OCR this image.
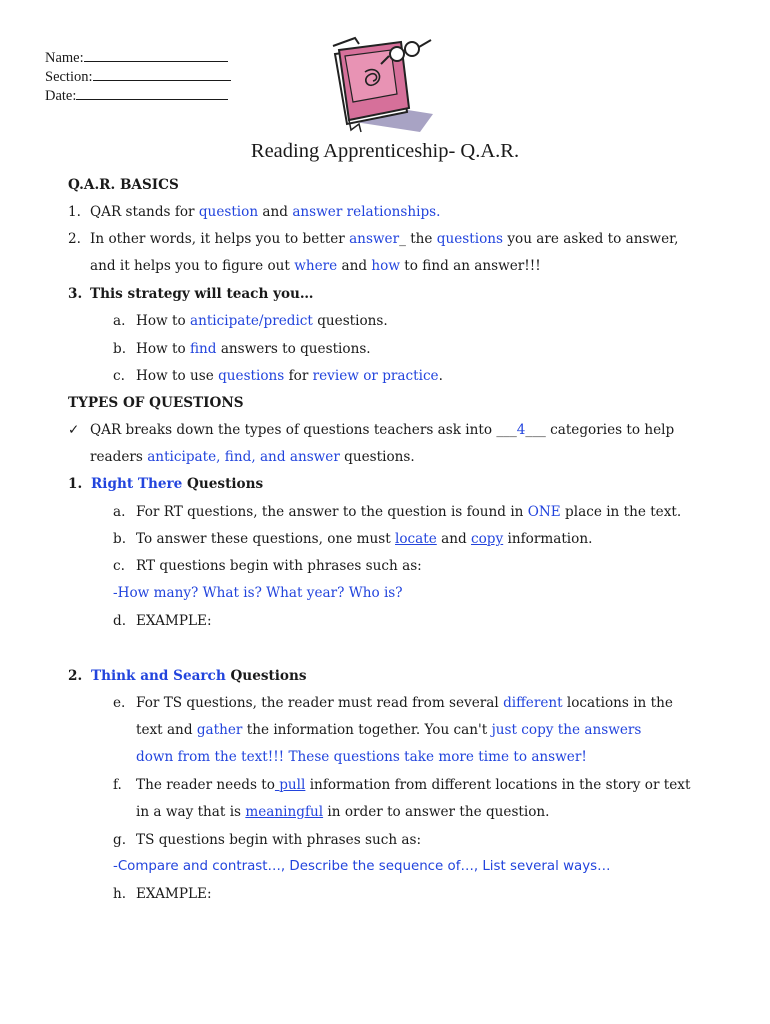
Name:
Section:
Date:
Reading Apprenticeship- Q.A.R.
Q.A.R. BASICS
1. QAR stands for question and answer relationships.
2. In other words, it helps you to better answer_ the questions you are asked to answer,
and it helps you to figure out where and how to find an answer!!!
3. This strategy will teach you…
a. How to anticipate/predict questions.
b. How to find answers to questions.
c. How to use questions for review or practice.
TYPES OF QUESTIONS
✓ QAR breaks down the types of questions teachers ask into ___4___ categories to help
readers anticipate, find, and answer questions.
1. Right There Questions
a. For RT questions, the answer to the question is found in ONE place in the text.
b. To answer these questions, one must locate and copy information.
c. RT questions begin with phrases such as:
-How many? What is? What year? Who is?
d. EXAMPLE:
2. Think and Search Questions
e. For TS questions, the reader must read from several different locations in the
text and gather the information together. You can't just copy the answers
down from the text!!! These questions take more time to answer!
f. The reader needs to pull information from different locations in the story or text
in a way that is meaningful in order to answer the question.
g. TS questions begin with phrases such as:
-Compare and contrast…, Describe the sequence of…, List several ways…
h. EXAMPLE:
